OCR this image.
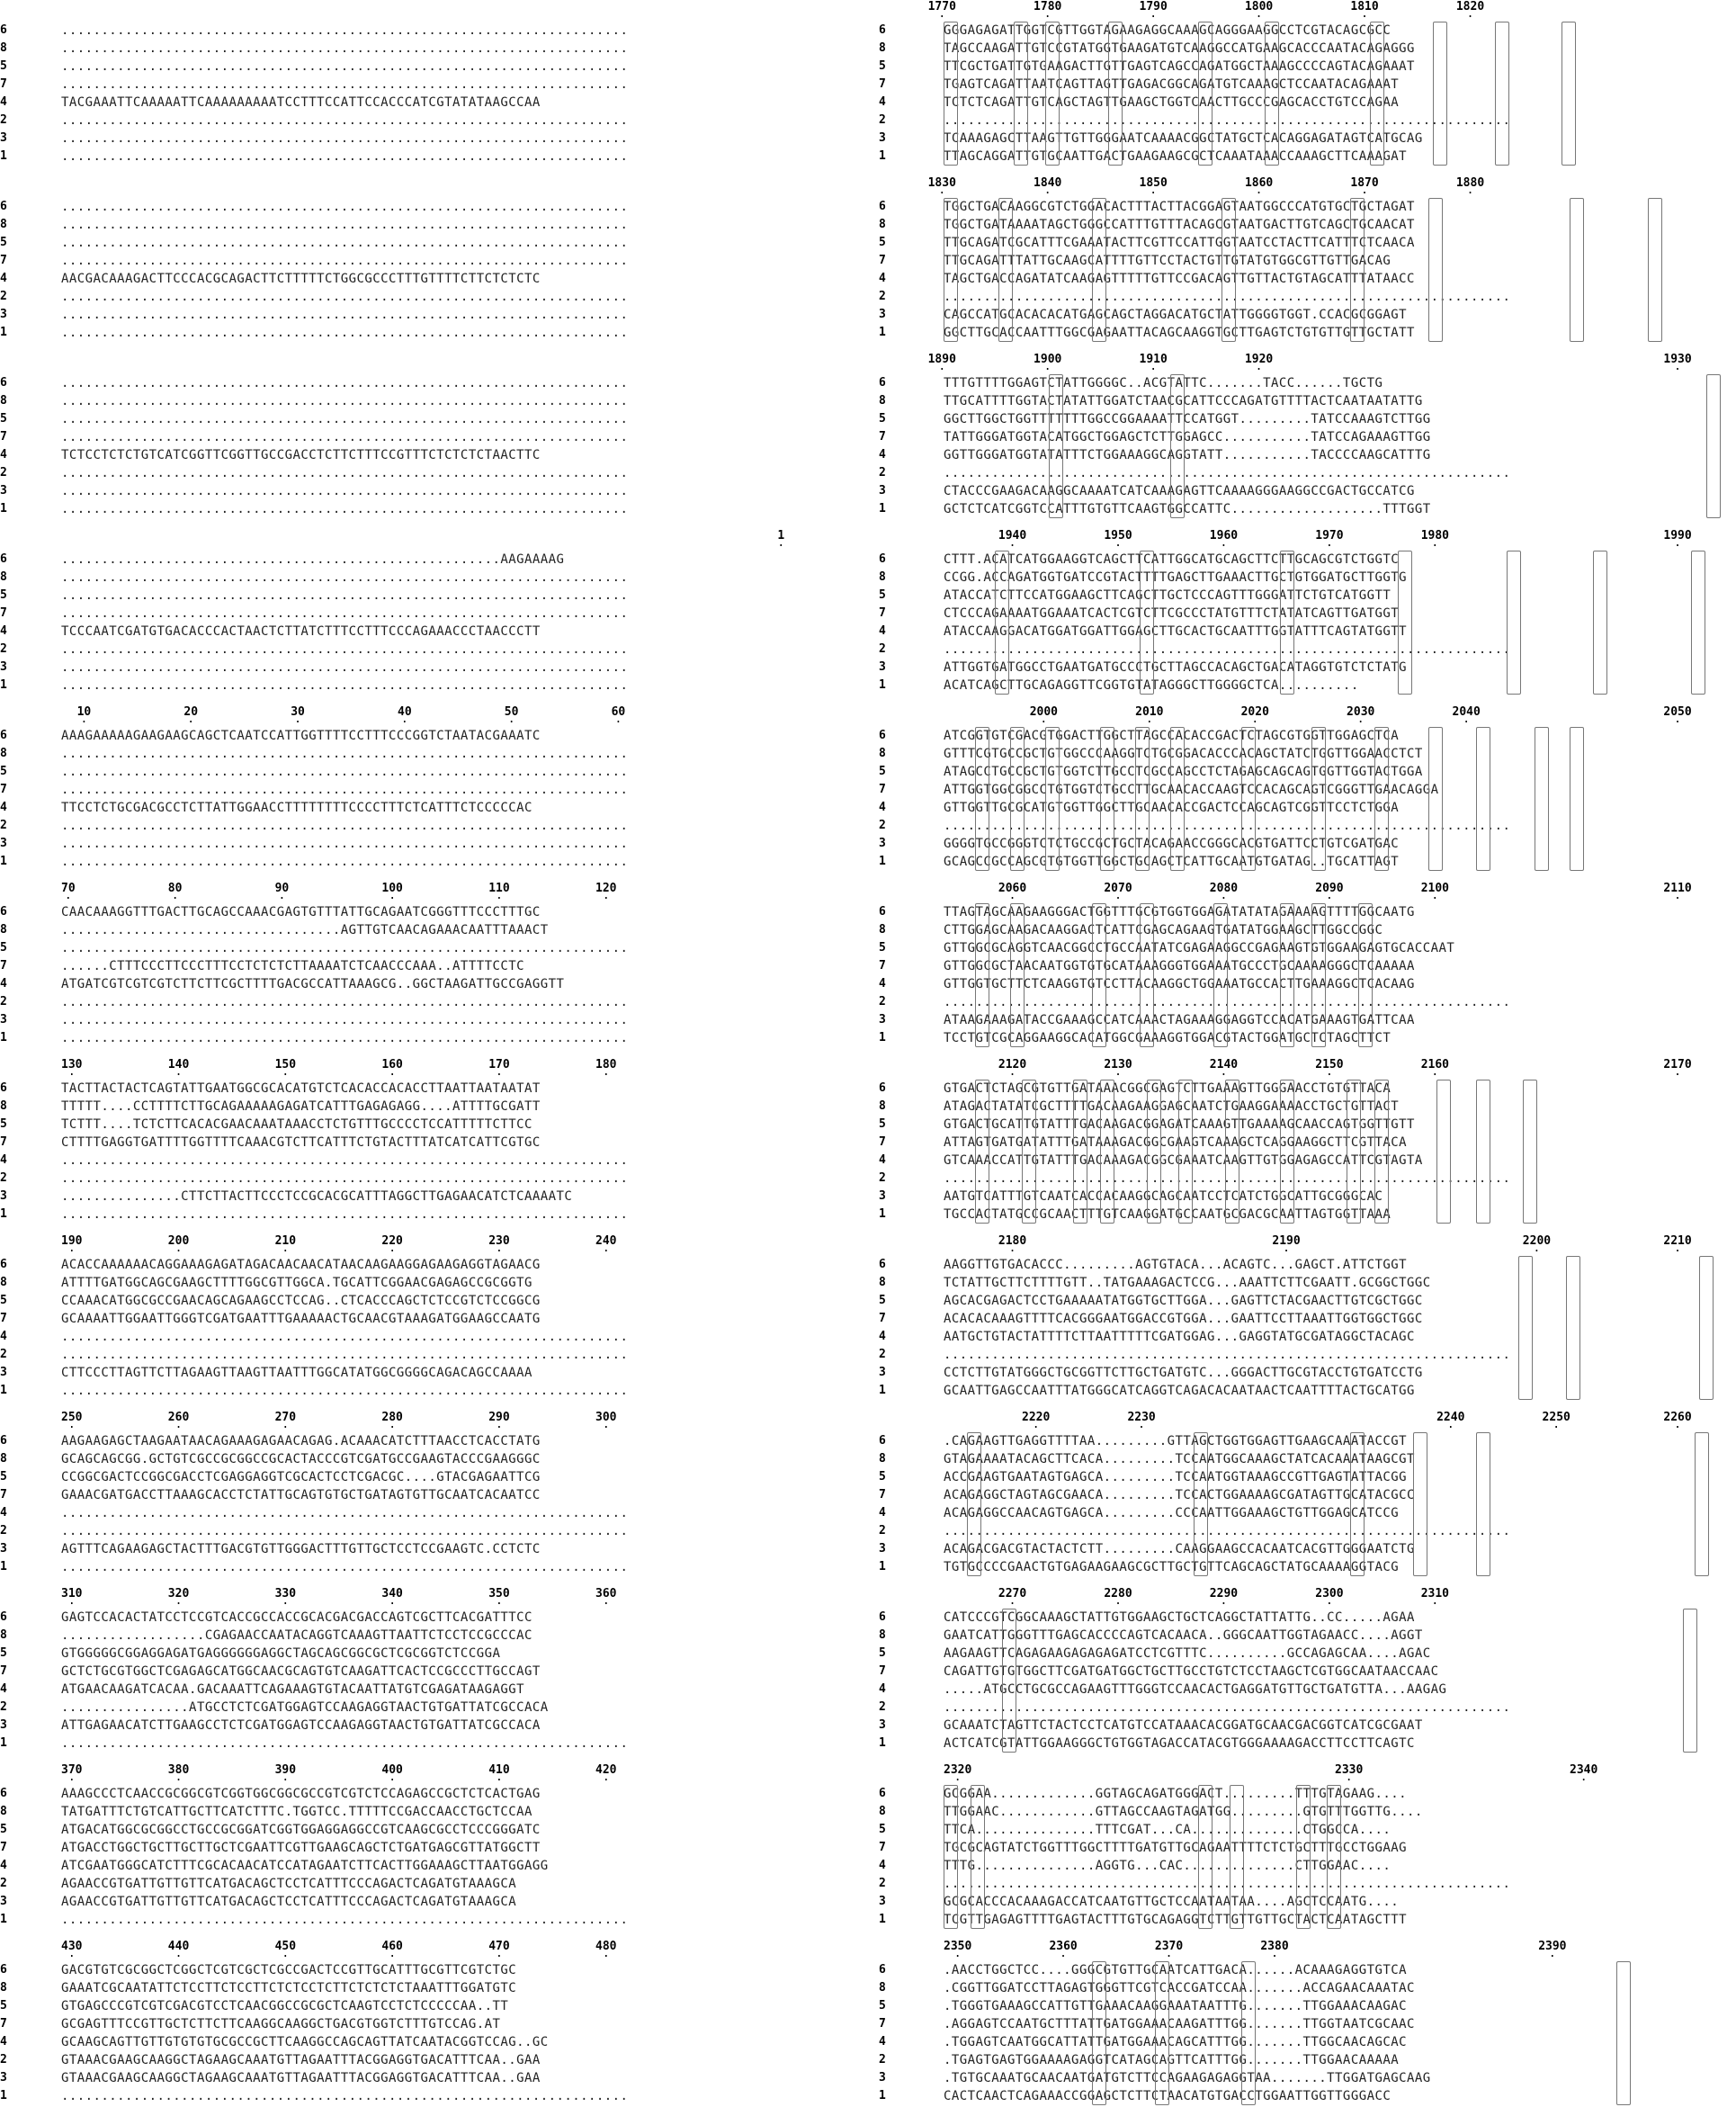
6	.......................................................................
8	.......................................................................
5	.......................................................................
7	.......................................................................
4	TACGAAATTCAAAAATTCAAAAAAAAATCCTTTCCATTCCACCCATCGTATATAAGCCAA
2	.......................................................................
3	.......................................................................
1	.......................................................................
6	.......................................................................
8	.......................................................................
5	.......................................................................
7	.......................................................................
4	AACGACAAAGACTTCCCACGCAGACTTCTTTTTCTGGCGCCCTTTGTTTTCTTCTCTCTC
2	.......................................................................
3	.......................................................................
1	.......................................................................
6	.......................................................................
8	.......................................................................
5	.......................................................................
7	.......................................................................
4	TCTCCTCTCTGTCATCGGTTCGGTTGCCGACCTCTTCTTTCCGTTTCTCTCTCTAACTTC
2	.......................................................................
3	.......................................................................
1	.......................................................................
1 .
6	.......................................................AAGAAAAG
8	.......................................................................
5	.......................................................................
7	.......................................................................
4	TCCCAATCGATGTGACACCCACTAACTCTTATCTTTCCTTTCCCAGAAACCCTAACCCTT
2	.......................................................................
3	.......................................................................
1	.......................................................................
10 .	20 .	30 .	40 .	50 .	60 .
6	AAAGAAAAAGAAGAAGCAGCTCAATCCATTGGTTTTCCTTTCCCGGTCTAATACGAAATC
8	.......................................................................
5	.......................................................................
7	.......................................................................
4	TTCCTCTGCGACGCCTCTTATTGGAACCTTTTTTTTCCCCTTTCTCATTTCTCCCCCAC
2	.......................................................................
3	.......................................................................
1	.......................................................................
70 .	80 .	90 .	100 .	110 .	120 .
6	CAACAAAGGTTTGACTTGCAGCCAAACGAGTGTTTATTGCAGAATCGGGTTTCCCTTTGC
8	...................................AGTTGTCAACAGAAACAATTTAAACT
5	.......................................................................
7	......CTTTCCCTTCCCTTTCCTCTCTCTTAAAATCTCAACCCAAA..ATTTTCCTC
4	ATGATCGTCGTCGTCTTCTTCGCTTTTGACGCCATTAAAGCG..GGCTAAGATTGCCGAGGTT
2	.......................................................................
3	.......................................................................
1	.......................................................................
130 .	140 .	150 .	160 .	170 .	180 .
6	TACTTACTACTCAGTATTGAATGGCGCACATGTCTCACACCACACCTTAATTAATAATAT
8	TTTTT....CCTTTTCTTGCAGAAAAAGAGATCATTTGAGAGAGG....ATTTTGCGATT
5	TCTTT....TCTCTTCACACGAACAAATAAACCTCTGTTTGCCCCTCCATTTTTCTTCC
7	CTTTTGAGGTGATTTTGGTTTTCAAACGTCTTCATTTCTGTACTTTATCATCATTCGTGC
4	.......................................................................
2	.......................................................................
3	...............CTTCTTACTTCCCTCCGCACGCATTTAGGCTTGAGAACATCTCAAAATC
1	.......................................................................
190 .	200 .	210 .	220 .	230 .	240 .
6	ACACCAAAAAACAGGAAAGAGATAGACAACAACATAACAAGAAGGAGAAGAGGTAGAACG
8	ATTTTGATGGCAGCGAAGCTTTTGGCGTTGGCA.TGCATTCGGAACGAGAGCCGCGGTG
5	CCAAACATGGCGCCGAACAGCAGAAGCCTCCAG..CTCACCCAGCTCTCCGTCTCCGGCG
7	GCAAAATTGGAATTGGGTCGATGAATTTGAAAAACTGCAACGTAAAGATGGAAGCCAATG
4	.......................................................................
2	.......................................................................
3	CTTCCCTTAGTTCTTAGAAGTTAAGTTAATTTGGCATATGGCGGGGCAGACAGCCAAAA
1	.......................................................................
250 .	260 .	270 .	280 .	290 .	300 .
6	AAGAAGAGCTAAGAATAACAGAAAGAGAACAGAG.ACAAACATCTTTAACCTCACCTATG
8	GCAGCAGCGG.GCTGTCGCCGCGGCCGCACTACCCGTCGATGCCGAAGTACCCGAAGGGC
5	CCGGCGACTCCGGCGACCTCGAGGAGGTCGCACTCCTCGACGC....GTACGAGAATTCG
7	GAAACGATGACCTTAAAGCACCTCTATTGCAGTGTGCTGATAGTGTTGCAATCACAATCC
4	.......................................................................
2	.......................................................................
3	AGTTTCAGAAGAGCTACTTTGACGTGTTGGGACTTTGTTGCTCCTCCGAAGTC.CCTCTC
1	.......................................................................
310 .	320 .	330 .	340 .	350 .	360 .
6	GAGTCCACACTATCCTCCGTCACCGCCACCGCACGACGACCAGTCGCTTCACGATTTCC
8	..................CGAGAACCAATACAGGTCAAAGTTAATTCTCCTCCGCCCAC
5	GTGGGGGCGGAGGAGATGAGGGGGGAGGCTAGCAGCGGCGCTCGCGGTCTCCGGA
7	GCTCTGCGTGGCTCGAGAGCATGGCAACGCAGTGTCAAGATTCACTCCGCCCTTGCCAGT
4	ATGAACAAGATCACAA.GACAAATTCAGAAAGTGTACAATTATGTCGAGATAAGAGGT
2	................ATGCCTCTCGATGGAGTCCAAGAGGTAACTGTGATTATCGCCACA
3	ATTGAGAACATCTTGAAGCCTCTCGATGGAGTCCAAGAGGTAACTGTGATTATCGCCACA
1	.......................................................................
370 .	380 .	390 .	400 .	410 .	420 .
6	AAAGCCCTCAACCGCGGCGTCGGTGGCGGCGCCGTCGTCTCCAGAGCCGCTCTCACTGAG
8	TATGATTTCTGTCATTGCTTCATCTTTC.TGGTCC.TTTTTCCGACCAACCTGCTCCAA
5	ATGACATGGCGCGGCCTGCCGCGGATCGGTGGAGGAGGCCGTCAAGCGCCTCCCGGGATC
7	ATGACCTGGCTGCTTGCTTGCTCGAATTCGTTGAAGCAGCTCTGATGAGCGTTATGGCTT
4	ATCGAATGGGCATCTTTCGCACAACATCCATAGAATCTTCACTTGGAAAGCTTAATGGAGG
2	AGAACCGTGATTGTTGTTCATGACAGCTCCTCATTTCCCAGACTCAGATGTAAAGCA
3	AGAACCGTGATTGTTGTTCATGACAGCTCCTCATTTCCCAGACTCAGATGTAAAGCA
1	.......................................................................
430 .	440 .	450 .	460 .	470 .	480 .
6	GACGTGTCGCGGCTCGGCTCGTCGCTCGCCGACTCCGTTGCATTTGCGTTCGTCTGC
8	GAAATCGCAATATTCTCCTTCTCCTTCTCTCCTCTTCTCTCTCTAAATTTGGATGTC
5	GTGAGCCCGTCGTCGACGTCCTCAACGGCCGCGCTCAAGTCCTCTCCCCCAA..TT
7	GCGAGTTTCCGTTGCTCTTCTTCAAGGCAAGGCTGACGTGGTCTTTGTCCAG.AT
4	GCAAGCAGTTGTTGTGTGTGCGCCGCTTCAAGGCCAGCAGTTATCAATACGGTCCAG..GC
2	GTAAACGAAGCAAGGCTAGAAGCAAATGTTAGAATTTACGGAGGTGACATTTCAA..GAA
3	GTAAACGAAGCAAGGCTAGAAGCAAATGTTAGAATTTACGGAGGTGACATTTCAA..GAA
1	.......................................................................
1770 .	1780 .	1790 .	1800 .	1810 .	1820 .
6	GGGAGAGATTGGTCGTTGGTAGAAGAGGCAAAGCAGGGAAGGCCTCGTACAGCGCC
8	TAGCCAAGATTGTCCGTATGGTGAAGATGTCAAGGCCATGAAGCACCCAATACAGAGGG
5	TTCGCTGATTGTGAAGACTTGTTGAGTCAGCCAGATGGCTAAAGCCCCAGTACAGAAAT
7	TGAGTCAGATTAATCAGTTAGTTGAGACGGCAGATGTCAAAGCTCCAATACAGAAAT
4	TCTCTCAGATTGTCAGCTAGTTGAAGCTGGTCAACTTGCCCGAGCACCTGTCCAGAA
2	.......................................................................
3	TCAAAGAGCTTAAGTTGTTGGGAATCAAAACGGCTATGCTCACAGGAGATAGTCATGCAG
1	TTAGCAGGATTGTGCAATTGACTGAAGAAGCGCTCAAATAAACCAAAGCTTCAAAGAT
1830 .	1840 .	1850 .	1860 .	1870 .	1880 .
6	TGGCTGACAAGGCGTCTGGACACTTTACTTACGGAGTAATGGCCCATGTGCTGCTAGAT
8	TGGCTGATAAAATAGCTGGGCCATTTGTTTACAGCGTAATGACTTGTCAGCTGCAACAT
5	TTGCAGATCGCATTTCGAAATACTTCGTTCCATTGGTAATCCTACTTCATTTCTCAACA
7	TTGCAGATTTATTGCAAGCATTTTGTTCCTACTGTTGTATGTGGCGTTGTTGACAG
4	TAGCTGACCAGATATCAAGAGTTTTTGTTCCGACAGTTGTTACTGTAGCATTTATAACC
2	.......................................................................
3	CAGCCATGCACACACATGAGCAGCTAGGACATGCTATTGGGGTGGT.CCACGCGGAGT
1	GGCTTGCACCAATTTGGCGAGAATTACAGCAAGGTGCTTGAGTCTGTGTTGTTGCTATT
1890 .	1900 .	1910 .	1920 .	1930 .
6	TTTGTTTTGGAGTCTATTGGGGC..ACGTATTC.......TACC......TGCTG
8	TTGCATTTTGGTACTATATTGGATCTAACGCATTCCCAGATGTTTTACTCAATAATATTG
5	GGCTTGGCTGGTTTTTTTGGCCGGAAAATTCCATGGT.........TATCCAAAGTCTTGG
7	TATTGGGATGGTACATGGCTGGAGCTCTTGGAGCC...........TATCCAGAAAGTTGG
4	GGTTGGGATGGTATATTTCTGGAAAGGCAGGTATT...........TACCCCAAGCATTTG
2	.......................................................................
3	CTACCCGAAGACAAGGCAAAATCATCAAAGAGTTCAAAAGGGAAGGCCGACTGCCATCG
1	GCTCTCATCGGTCCATTTGTGTTCAAGTGGCCATTC...................TTTGGT
1940 .	1950 .	1960 .	1970 .	1980 .	1990 .
6	CTTT.ACATCATGGAAGGTCAGCTTCATTGGCATGCAGCTTCTTGCAGCGTCTGGTC
8	CCGG.ACCAGATGGTGATCCGTACTTTTGAGCTTGAAACTTGCTGTGGATGCTTGGTG
5	ATACCATCTTCCATGGAAGCTTCAGCTTGCTCCCAGTTTGGGATTCTGTCATGGTT
7	CTCCCAGAAAATGGAAATCACTCGTCTTCGCCCTATGTTTCTATATCAGTTGATGGT
4	ATACCAAGGACATGGATGGATTGGAGCTTGCACTGCAATTTGGTATTTCAGTATGGTT
2	.......................................................................
3	ATTGGTGATGGCCTGAATGATGCCCTGCTTAGCCACAGCTGACATAGGTGTCTCTATG
1	ACATCAGCTTGCAGAGGTTCGGTGTATAGGGCTTGGGGCTCA..........
2000 .	2010 .	2020 .	2030 .	2040 .	2050 .
6	ATCGGTGTCGACGTGGACTTGGCTTAGCCACACCGACTCTAGCGTGGTTGGAGCTCA
8	GTTTCGTGCCGCTGTGGCCCAAGGTCTGCGGACACCCACAGCTATCTGGTTGGAACCTCT
5	ATAGCCTGCCGCTGTGGTCTTGCCTCGCCAGCCTCTAGAGCAGCAGTGGTTGGTACTGGA
7	ATTGGTGGCGGCCTGTGGTCTGCCTTGCAACACCAAGTCCACAGCAGTCGGGTTGAACAGGA
4	GTTGGTTGCGCATGTGGTTGGCTTGCAACACCGACTCCAGCAGTCGGTTCCTCTGGA
2	.......................................................................
3	GGGGTGCCGGGTCTCTGCCGCTGCTACAGAACCGGGCACGTGATTCCTGTCGATGAC
1	GCAGCCGCCAGCGTGTGGTTGGCTGCAGCTCATTGCAATGTGATAG..TGCATTAGT
2060 .	2070 .	2080 .	2090 .	2100 .	2110 .
6	TTAGTAGCAAGAAGGGACTGGTTTGCGTGGTGGAGATATATAGAAAAGTTTTGGCAATG
8	CTTGGAGCAAGACAAGGACTCATTCGAGCAGAAGTGATATGGAAGCTTGGCCGGC
5	GTTGGCGCAGGTCAACGGCCTGCCAATATCGAGAAGGCCGAGAAGTGTGGAAGAGTGCACCAAT
7	GTTGGCGCTAACAATGGTGTGCATAAAGGGTGGAAATGCCCTGCAAAAGGGCTCAAAAA
4	GTTGGTGCTTCTCAAGGTGTCCTTACAAGGCTGGAAATGCCACTTGAAAGGCTCACAAG
2	.......................................................................
3	ATAAGAAAGATACCGAAAGCCATCAAACTAGAAAGGAGGTCCACATGAAAGTGATTCAA
1	TCCTGTCGCAGGAAGGCACATGGCGAAAGGTGGACGTACTGGATGCTCTAGCTTCT
2120 .	2130 .	2140 .	2150 .	2160 .	2170 .
6	GTGACTCTAGCGTGTTGATAAACGGCGAGTCTTGAAAGTTGGGAACCTGTGTTACA
8	ATAGACTATATCGCTTTTGACAAGAAGGAGCAATCTGAAGGAAAACCTGCTGTTACT
5	GTGACTGCATTGTATTTGACAAGACGGAGATCAAAGTTGAAAAGCAACCAGTGGTTGTT
7	ATTAGTGATGATATTTGATAAAGACGGCGAAGTCAAAGCTCAGGAAGGCTTCGTTACA
4	GTCAAACCATTGTATTTGACAAAGACGGCGAAATCAAGTTGTGGAGAGCCATTCGTAGTA
2	.......................................................................
3	AATGTCATTTGTCAATCACCACAAGGCAGCAATCCTCATCTGGCATTGCGGGCAC
1	TGCCACTATGCCGCAACTTTGTCAAGGATGCCAATGCGACGCAATTAGTGGTTAAA
2180 .	2190 .	2200 .	2210 .
6	AAGGTTGTGACACCC.........AGTGTACA...ACAGTC...GAGCT.ATTCTGGT
8	TCTATTGCTTCTTTTGTT..TATGAAAGACTCCG...AAATTCTTCGAATT.GCGGCTGGC
5	AGCACGAGACTCCTGAAAAATATGGTGCTTGGA...GAGTTCTACGAACTTGTCGCTGGC
7	ACACACAAAGTTTTCACGGGAATGGACCGTGGA...GAATTCCTTAAATTGGTGGCTGGC
4	AATGCTGTACTATTTTCTTAATTTTTCGATGGAG...GAGGTATGCGATAGGCTACAGC
2	.......................................................................
3	CCTCTTGTATGGGCTGCGGTTCTTGCTGATGTC...GGGACTTGCGTACCTGTGATCCTG
1	GCAATTGAGCCAATTTATGGGCATCAGGTCAGACACAATAACTCAATTTTACTGCATGG
2220 .	2230 .	2240 .	2250 .	2260 .
6	.CAGAAGTTGAGGTTTTAA.........GTTAGCTGGTGGAGTTGAAGCAAATACCGT
8	GTAGAAAATACAGCTTCACA.........TCCAATGGCAAAGCTATCACAAATAAGCGT
5	ACCGAAGTGAATAGTGAGCA.........TCCAATGGTAAAGCCGTTGAGTATTACGG
7	ACAGAGGCTAGTAGCGAACA.........TCCACTGGAAAAGCGATAGTTGCATACGCC
4	ACAGAGGCCAACAGTGAGCA.........CCCAATTGGAAAGCTGTTGGAGCATCCG
2	.......................................................................
3	ACAGACGACGTACTACTCTT.........CAAGGAAGCCACAATCACGTTGGGAATCTG
1	TGTGCCCCGAACTGTGAGAAGAAGCGCTTGCTGTTCAGCAGCTATGCAAAAGGTACG
2270 .	2280 .	2290 .	2300 .	2310 .
6	CATCCCGTCGGCAAAGCTATTGTGGAAGCTGCTCAGGCTATTATTG..CC.....AGAA
8	GAATCATTGGGTTTGAGCACCCCAGTCACAACA..GGGCAATTGGTAGAACC....AGGT
5	AAGAAGTTCAGAGAAGAGAGAGATCCTCGTTTC..........GCCAGAGCAA....AGAC
7	CAGATTGTGTGGCTTCGATGATGGCTGCTTGCCTGTCTCCTAAGCTCGTGGCAATAACCAAC
4	.....ATGCCTGCGCCAGAAGTTTGGGTCCAACACTGAGGATGTTGCTGATGTTA...AAGAG
2	.......................................................................
3	GCAAATCTAGTTCTACTCCTCATGTCCATAAACACGGATGCAACGACGGTCATCGCGAAT
1	ACTCATCGTATTGGAAGGGCTGTGGTAGACCATACGTGGGAAAAGACCTTCCTTCAGTC
2320 .	2330 .	2340 .
6	GCGGAA.............GGTAGCAGATGGGACT.........TTTGTAGAAG....
8	TTGGAAC............GTTAGCCAAGTAGATGG.........GTGTTTGGTTG....
5	TTCA...............TTTCGAT...CA..............CTGGCCA....
7	TGCGCAGTATCTGGTTTGGCTTTTGATGTTGCAGAATTTTCTCTGCTTTGCCTGGAAG
4	TTTG...............AGGTG...CAC..............CTTGGAAC....
2	.......................................................................
3	GCGCACCCACAAAGACCATCAATGTTGCTCCAATAATAA....AGCTCCAATG....
1	TCGTTGAGAGTTTTGAGTACTTTGTGCAGAGGTCTTGTTGTTGCTACTCAATAGCTTT
2350 .	2360 .	2370 .	2380 .	2390 .
6	.AACCTGGCTCC....GGGCGTGTTGCAATCATTGACA......ACAAAGAGGTGTCA
8	.CGGTTGGATCCTTAGAGTGGGTTCGTCACCGATCCAA.......ACCAGAACAAATAC
5	.TGGGTGAAAGCCATTGTTGAAACAAGGAAATAATTTG.......TTGGAAACAAGAC
7	.AGGAGTCCAATGCTTTATTGATGGAAACAAGATTTGG.......TTGGTAATCGCAAC
4	.TGGAGTCAATGGCATTATTGATGGAAACAGCATTTGG.......TTGGCAACAGCAC
2	.TGAGTGAGTGGAAAAGAGGTCATAGCAGTTCATTTGG.......TTGGAACAAAAA
3	.TGTGCAAATGCAACAATGATGTCTTCCAGAAGAGAGGTAA.......TTGGATGAGCAAG
1	CACTCAACTCAGAAACCGGAGCTCTTCTAACATGTGACCTGGAATTGGTTGGGACC
